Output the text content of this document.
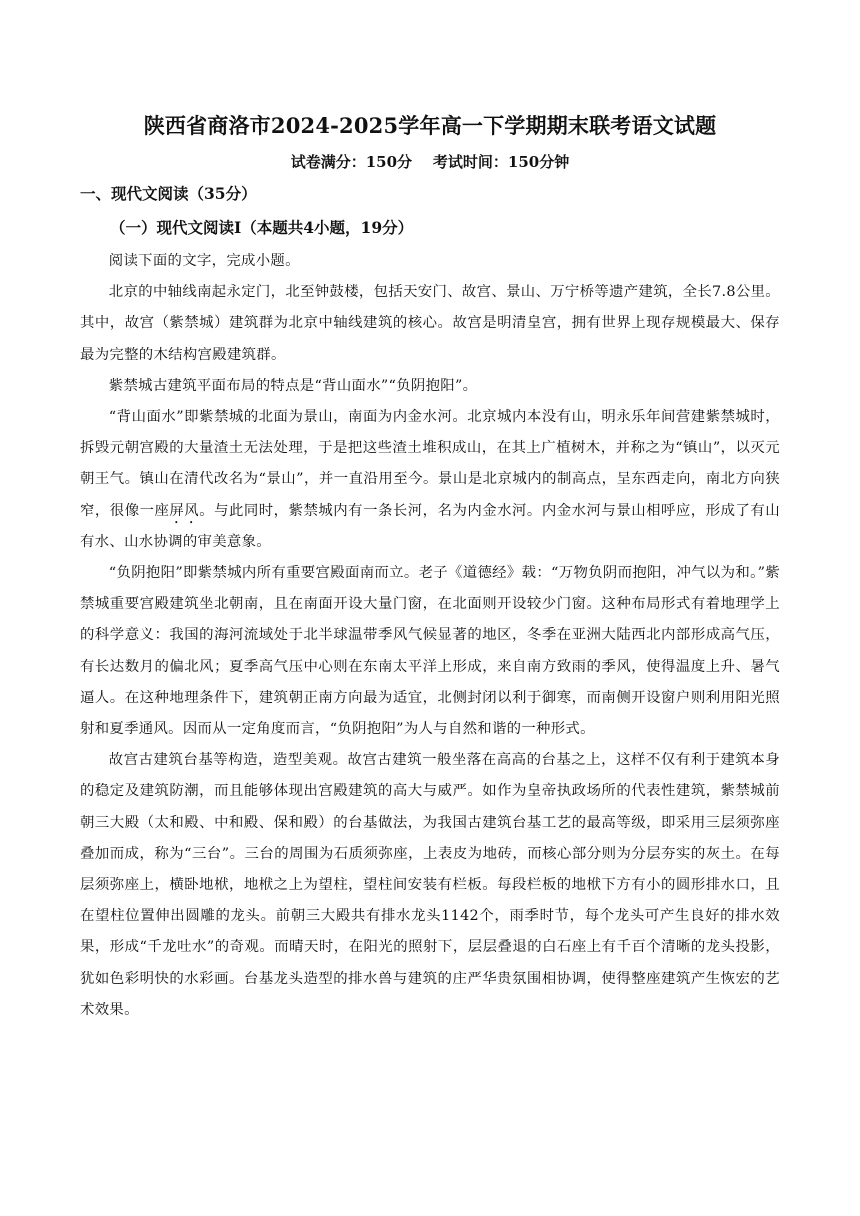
陕西省商洛市2024-2025学年高一下学期期末联考语文试题
试卷满分：150分    考试时间：150分钟
一、现代文阅读（35分）
（一）现代文阅读Ⅰ（本题共4小题，19分）

阅读下面的文字，完成小题。

北京的中轴线南起永定门，北至钟鼓楼，包括天安门、故宫、景山、万宁桥等遗产建筑，全长7.8公里。其中，故宫（紫禁城）建筑群为北京中轴线建筑的核心。故宫是明清皇宫，拥有世界上现存规模最大、保存最为完整的木结构宫殿建筑群。

紫禁城古建筑平面布局的特点是“背山面水”“负阴抱阳”。

“背山面水”即紫禁城的北面为景山，南面为内金水河。北京城内本没有山，明永乐年间营建紫禁城时，拆毁元朝宫殿的大量渣土无法处理，于是把这些渣土堆积成山，在其上广植树木，并称之为“镇山”，以灭元朝王气。镇山在清代改名为“景山”，并一直沿用至今。景山是北京城内的制高点，呈东西走向，南北方向狭窄，很像一座屏风。与此同时，紫禁城内有一条长河，名为内金水河。内金水河与景山相呼应，形成了有山有水、山水协调的审美意象。

“负阴抱阳”即紫禁城内所有重要宫殿面南而立。老子《道德经》载：“万物负阴而抱阳，冲气以为和。”紫禁城重要宫殿建筑坐北朝南，且在南面开设大量门窗，在北面则开设较少门窗。这种布局形式有着地理学上的科学意义：我国的海河流域处于北半球温带季风气候显著的地区，冬季在亚洲大陆西北内部形成高气压，有长达数月的偏北风；夏季高气压中心则在东南太平洋上形成，来自南方致雨的季风，使得温度上升、暑气逼人。在这种地理条件下，建筑朝正南方向最为适宜，北侧封闭以利于御寒，而南侧开设窗户则利用阳光照射和夏季通风。因而从一定角度而言，“负阴抱阳”为人与自然和谐的一种形式。

故宫古建筑台基等构造，造型美观。故宫古建筑一般坐落在高高的台基之上，这样不仅有利于建筑本身的稳定及建筑防潮，而且能够体现出宫殿建筑的高大与威严。如作为皇帝执政场所的代表性建筑，紫禁城前朝三大殿（太和殿、中和殿、保和殿）的台基做法，为我国古建筑台基工艺的最高等级，即采用三层须弥座叠加而成，称为“三台”。三台的周围为石质须弥座，上表皮为地砖，而核心部分则为分层夯实的灰土。在每层须弥座上，横卧地栿，地栿之上为望柱，望柱间安装有栏板。每段栏板的地栿下方有小的圆形排水口，且在望柱位置伸出圆雕的龙头。前朝三大殿共有排水龙头1142个，雨季时节，每个龙头可产生良好的排水效果，形成“千龙吐水”的奇观。而晴天时，在阳光的照射下，层层叠退的白石座上有千百个清晰的龙头投影，犹如色彩明快的水彩画。台基龙头造型的排水兽与建筑的庄严华贵氛围相协调，使得整座建筑产生恢宏的艺术效果。
